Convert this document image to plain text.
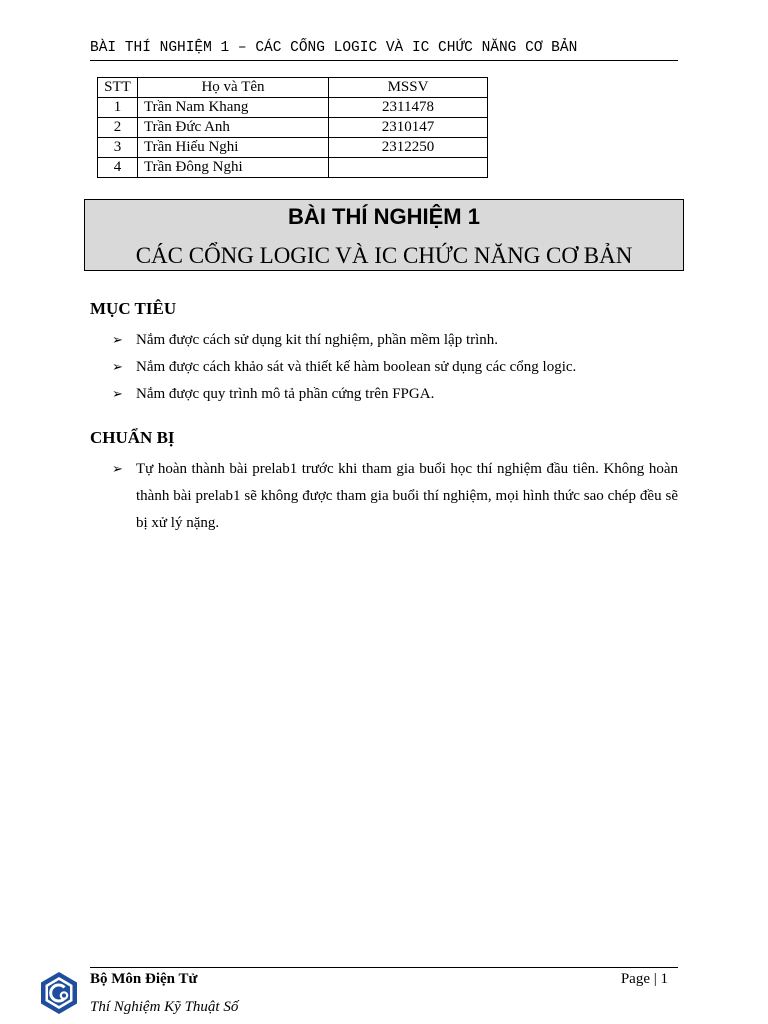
BÀI THÍ NGHIỆM 1 – CÁC CỔNG LOGIC VÀ IC CHỨC NĂNG CƠ BẢN
STT	Họ và Tên	MSSV
1	Trần Nam Khang	2311478
2	Trần Đức Anh	2310147
3	Trần Hiếu Nghi	2312250
4	Trần Đông Nghi	
BÀI THÍ NGHIỆM 1
CÁC CỔNG LOGIC VÀ IC CHỨC NĂNG CƠ BẢN
MỤC TIÊU
➢ Nắm được cách sử dụng kit thí nghiệm, phần mềm lập trình.
➢ Nắm được cách khảo sát và thiết kế hàm boolean sử dụng các cổng logic.
➢ Nắm được quy trình mô tả phần cứng trên FPGA.
CHUẨN BỊ
➢ Tự hoàn thành bài prelab1 trước khi tham gia buổi học thí nghiệm đầu tiên. Không hoàn thành bài prelab1 sẽ không được tham gia buổi thí nghiệm, mọi hình thức sao chép đều sẽ bị xử lý nặng.
Bộ Môn Điện Tử
Thí Nghiệm Kỹ Thuật Số
Page | 1
